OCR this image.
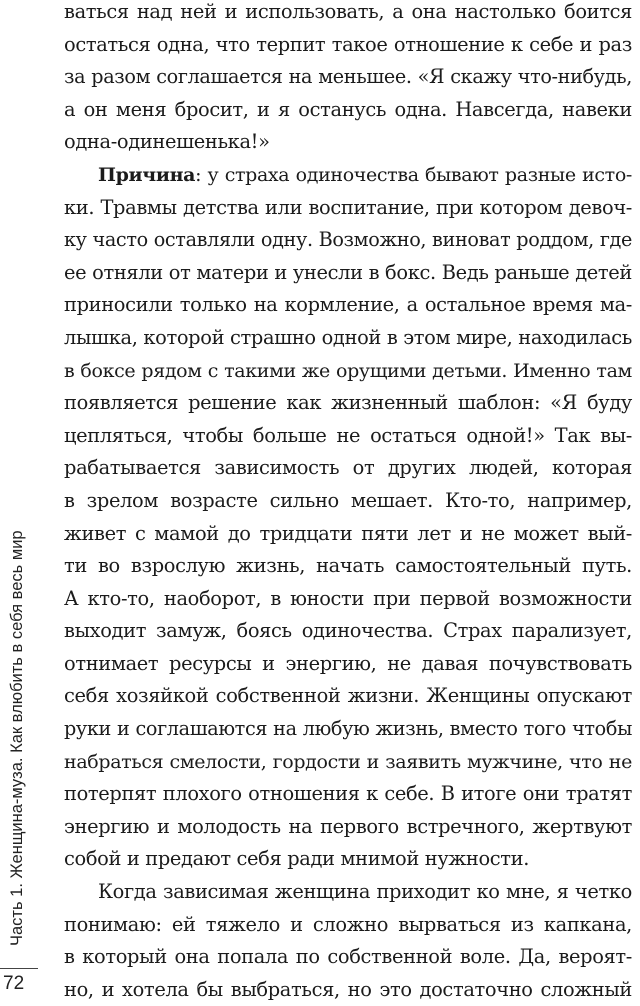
Часть 1. Женщина-муза. Как влюбить в себя весь мир
ваться над ней и использовать, а она настолько боится
остаться одна, что терпит такое отношение к себе и раз
за разом соглашается на меньшее. «Я скажу что-нибудь,
а он меня бросит, и я останусь одна. Навсегда, навеки
одна-одинешенька!»
Причина: у страха одиночества бывают разные исто-
ки. Травмы детства или воспитание, при котором девоч-
ку часто оставляли одну. Возможно, виноват роддом, где
ее отняли от матери и унесли в бокс. Ведь раньше детей
приносили только на кормление, а остальное время ма-
лышка, которой страшно одной в этом мире, находилась
в боксе рядом с такими же орущими детьми. Именно там
появляется решение как жизненный шаблон: «Я буду
цепляться, чтобы больше не остаться одной!» Так вы-
рабатывается зависимость от других людей, которая
в зрелом возрасте сильно мешает. Кто-то, например,
живет с мамой до тридцати пяти лет и не может вый-
ти во взрослую жизнь, начать самостоятельный путь.
А кто-то, наоборот, в юности при первой возможности
выходит замуж, боясь одиночества. Страх парализует,
отнимает ресурсы и энергию, не давая почувствовать
себя хозяйкой собственной жизни. Женщины опускают
руки и соглашаются на любую жизнь, вместо того чтобы
набраться смелости, гордости и заявить мужчине, что не
потерпят плохого отношения к себе. В итоге они тратят
энергию и молодость на первого встречного, жертвуют
собой и предают себя ради мнимой нужности.
Когда зависимая женщина приходит ко мне, я четко
понимаю: ей тяжело и сложно вырваться из капкана,
в который она попала по собственной воле. Да, вероят-
но, и хотела бы выбраться, но это достаточно сложный
72
